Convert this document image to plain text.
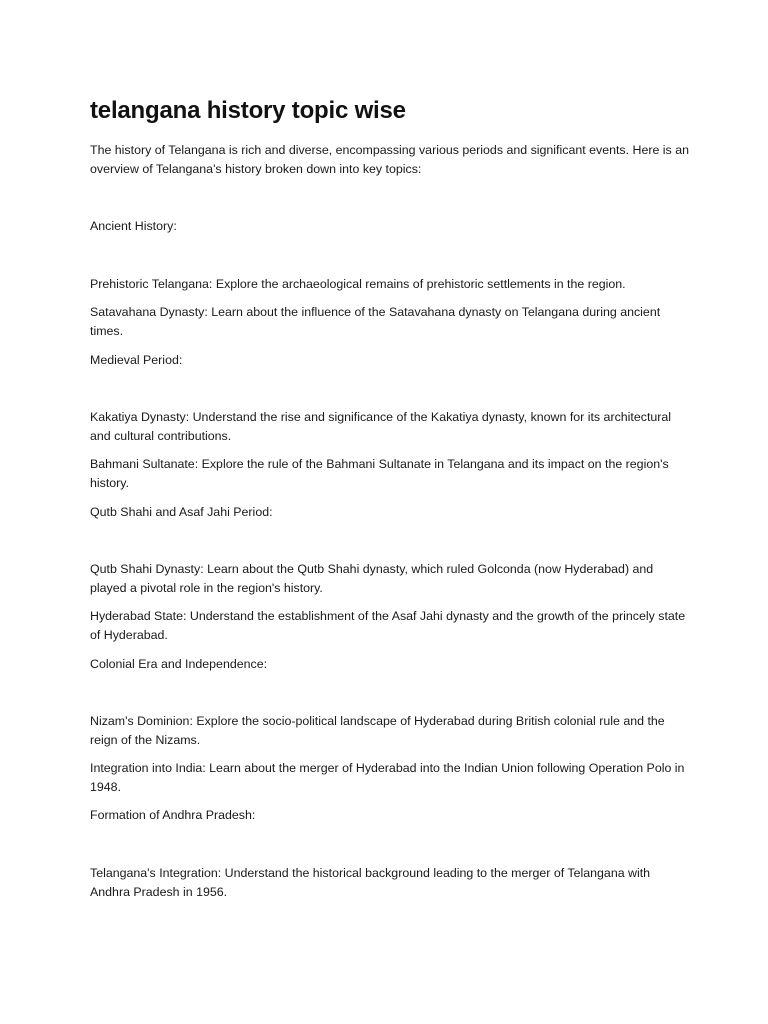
telangana history topic wise

The history of Telangana is rich and diverse, encompassing various periods and significant events. Here is an overview of Telangana's history broken down into key topics:

Ancient History:

Prehistoric Telangana: Explore the archaeological remains of prehistoric settlements in the region.

Satavahana Dynasty: Learn about the influence of the Satavahana dynasty on Telangana during ancient times.

Medieval Period:

Kakatiya Dynasty: Understand the rise and significance of the Kakatiya dynasty, known for its architectural and cultural contributions.

Bahmani Sultanate: Explore the rule of the Bahmani Sultanate in Telangana and its impact on the region's history.

Qutb Shahi and Asaf Jahi Period:

Qutb Shahi Dynasty: Learn about the Qutb Shahi dynasty, which ruled Golconda (now Hyderabad) and played a pivotal role in the region's history.

Hyderabad State: Understand the establishment of the Asaf Jahi dynasty and the growth of the princely state of Hyderabad.

Colonial Era and Independence:

Nizam's Dominion: Explore the socio-political landscape of Hyderabad during British colonial rule and the reign of the Nizams.

Integration into India: Learn about the merger of Hyderabad into the Indian Union following Operation Polo in 1948.

Formation of Andhra Pradesh:

Telangana's Integration: Understand the historical background leading to the merger of Telangana with Andhra Pradesh in 1956.
